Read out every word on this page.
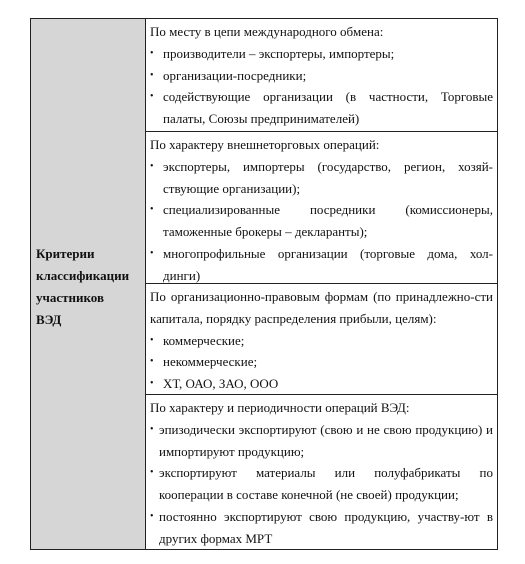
Критерии
классификации
участников
ВЭД
По месту в цепи международного обмена:
• производители – экспортеры, импортеры;
• организации-посредники;
• содействующие организации (в частности, Торговые палаты, Союзы предпринимателей)
По характеру внешнеторговых операций:
• экспортеры, импортеры (государство, регион, хозяй-ствующие организации);
• специализированные посредники (комиссионеры, таможенные брокеры – декларанты);
• многопрофильные организации (торговые дома, хол-динги)
По организационно-правовым формам (по принадлежно-сти капитала, порядку распределения прибыли, целям):
• коммерческие;
• некоммерческие;
• ХТ, ОАО, ЗАО, ООО
По характеру и периодичности операций ВЭД:
• эпизодически экспортируют (свою и не свою продукцию) и импортируют продукцию;
• экспортируют материалы или полуфабрикаты по кооперации в составе конечной (не своей) продукции;
• постоянно экспортируют свою продукцию, участву-ют в других формах МРТ
